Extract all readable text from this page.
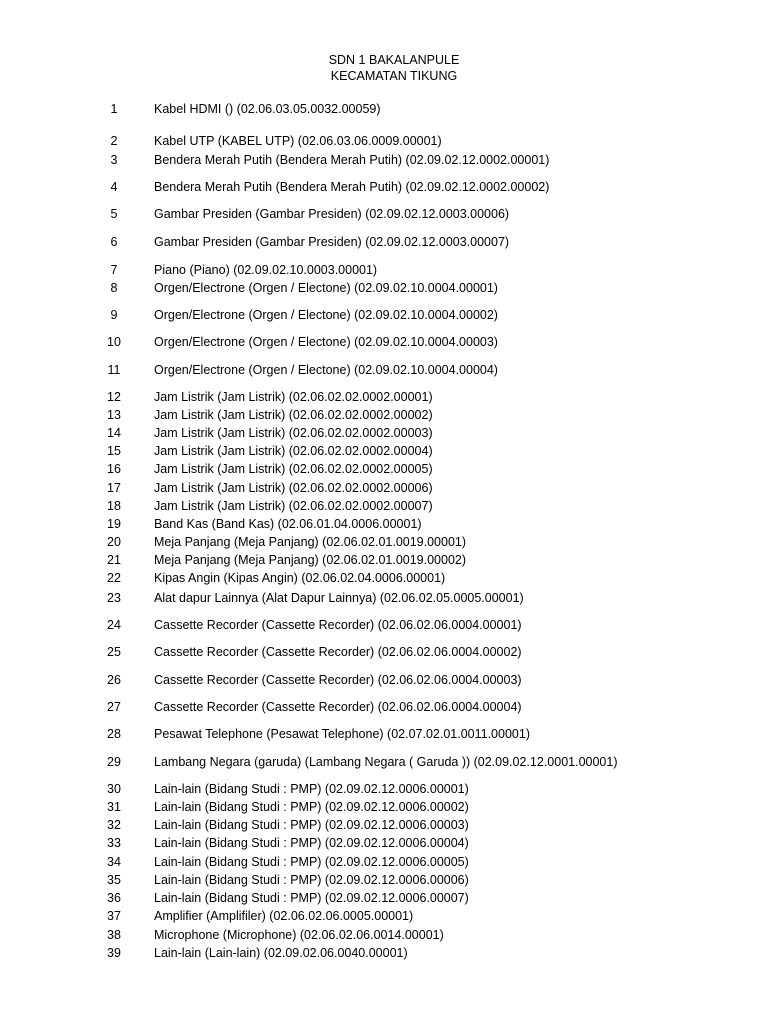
SDN 1 BAKALANPULE
KECAMATAN TIKUNG
1	Kabel HDMI () (02.06.03.05.0032.00059)
2	Kabel UTP (KABEL UTP) (02.06.03.06.0009.00001)
3	Bendera Merah Putih (Bendera Merah Putih) (02.09.02.12.0002.00001)
4	Bendera Merah Putih (Bendera Merah Putih) (02.09.02.12.0002.00002)
5	Gambar Presiden (Gambar Presiden) (02.09.02.12.0003.00006)
6	Gambar Presiden (Gambar Presiden) (02.09.02.12.0003.00007)
7	Piano (Piano) (02.09.02.10.0003.00001)
8	Orgen/Electrone (Orgen / Electone) (02.09.02.10.0004.00001)
9	Orgen/Electrone (Orgen / Electone) (02.09.02.10.0004.00002)
10	Orgen/Electrone (Orgen / Electone) (02.09.02.10.0004.00003)
11	Orgen/Electrone (Orgen / Electone) (02.09.02.10.0004.00004)
12	Jam Listrik (Jam Listrik) (02.06.02.02.0002.00001)
13	Jam Listrik (Jam Listrik) (02.06.02.02.0002.00002)
14	Jam Listrik (Jam Listrik) (02.06.02.02.0002.00003)
15	Jam Listrik (Jam Listrik) (02.06.02.02.0002.00004)
16	Jam Listrik (Jam Listrik) (02.06.02.02.0002.00005)
17	Jam Listrik (Jam Listrik) (02.06.02.02.0002.00006)
18	Jam Listrik (Jam Listrik) (02.06.02.02.0002.00007)
19	Band Kas (Band Kas) (02.06.01.04.0006.00001)
20	Meja Panjang (Meja Panjang) (02.06.02.01.0019.00001)
21	Meja Panjang (Meja Panjang) (02.06.02.01.0019.00002)
22	Kipas Angin (Kipas Angin) (02.06.02.04.0006.00001)
23	Alat dapur Lainnya (Alat Dapur Lainnya) (02.06.02.05.0005.00001)
24	Cassette Recorder (Cassette Recorder) (02.06.02.06.0004.00001)
25	Cassette Recorder (Cassette Recorder) (02.06.02.06.0004.00002)
26	Cassette Recorder (Cassette Recorder) (02.06.02.06.0004.00003)
27	Cassette Recorder (Cassette Recorder) (02.06.02.06.0004.00004)
28	Pesawat Telephone (Pesawat Telephone) (02.07.02.01.0011.00001)
29	Lambang Negara (garuda) (Lambang Negara ( Garuda )) (02.09.02.12.0001.00001)
30	Lain-lain (Bidang Studi : PMP) (02.09.02.12.0006.00001)
31	Lain-lain (Bidang Studi : PMP) (02.09.02.12.0006.00002)
32	Lain-lain (Bidang Studi : PMP) (02.09.02.12.0006.00003)
33	Lain-lain (Bidang Studi : PMP) (02.09.02.12.0006.00004)
34	Lain-lain (Bidang Studi : PMP) (02.09.02.12.0006.00005)
35	Lain-lain (Bidang Studi : PMP) (02.09.02.12.0006.00006)
36	Lain-lain (Bidang Studi : PMP) (02.09.02.12.0006.00007)
37	Amplifier (Amplifiler) (02.06.02.06.0005.00001)
38	Microphone (Microphone) (02.06.02.06.0014.00001)
39	Lain-lain (Lain-lain) (02.09.02.06.0040.00001)
